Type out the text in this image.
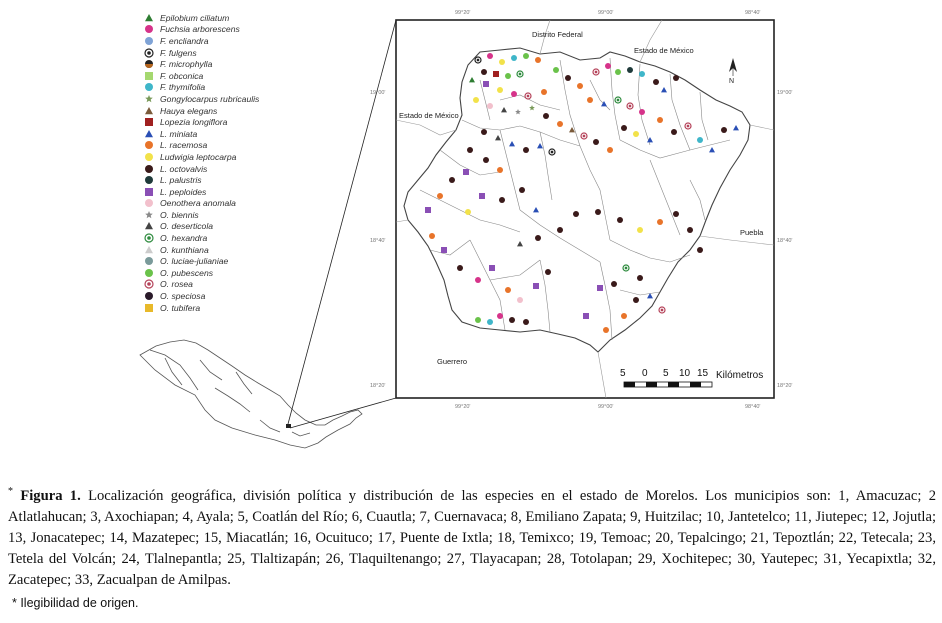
Epilobium ciliatum
Fuchsia arborescens
F. encliandra
F. fulgens
F. microphylla
F. obconica
F. thymifolia
Gongylocarpus rubricaulis
Hauya elegans
Lopezia longiflora
L. miniata
L. racemosa
Ludwigia leptocarpa
L. octovalvis
L. palustris
L. peploides
Oenothera anomala
O. biennis
O. deserticola
O. hexandra
O. kunthiana
O. luciae-julianiae
O. pubescens
O. rosea
O. speciosa
O. tubifera
99°20'	99°00'	98°40'
99°20'	99°00'	98°40'
19°00'
18°40'
18°20'
19°00'
18°40'
18°20'
Distrito Federal
Estado de México
Estado de México
Puebla
Guerrero
N
5 0 5 10 15 Kilómetros
* Figura 1. Localización geográfica, división política y distribución de las especies en el estado de Morelos. Los municipios son: 1, Amacuzac; 2 Atlatlahucan; 3, Axochiapan; 4, Ayala; 5, Coatlán del Río; 6, Cuautla; 7, Cuernavaca; 8, Emiliano Zapata; 9, Huitzilac; 10, Jantetelco; 11, Jiutepec; 12, Jojutla; 13, Jonacatepec; 14, Mazatepec; 15, Miacatlán; 16, Ocuituco; 17, Puente de Ixtla; 18, Temixco; 19, Temoac; 20, Tepalcingo; 21, Tepoztlán; 22, Tetecala; 23, Tetela del Volcán; 24, Tlalnepantla; 25, Tlaltizapán; 26, Tlaquiltenango; 27, Tlayacapan; 28, Totolapan; 29, Xochitepec; 30, Yautepec; 31, Yecapixtla; 32, Zacatepec; 33, Zacualpan de Amilpas.
* Ilegibilidad de origen.
